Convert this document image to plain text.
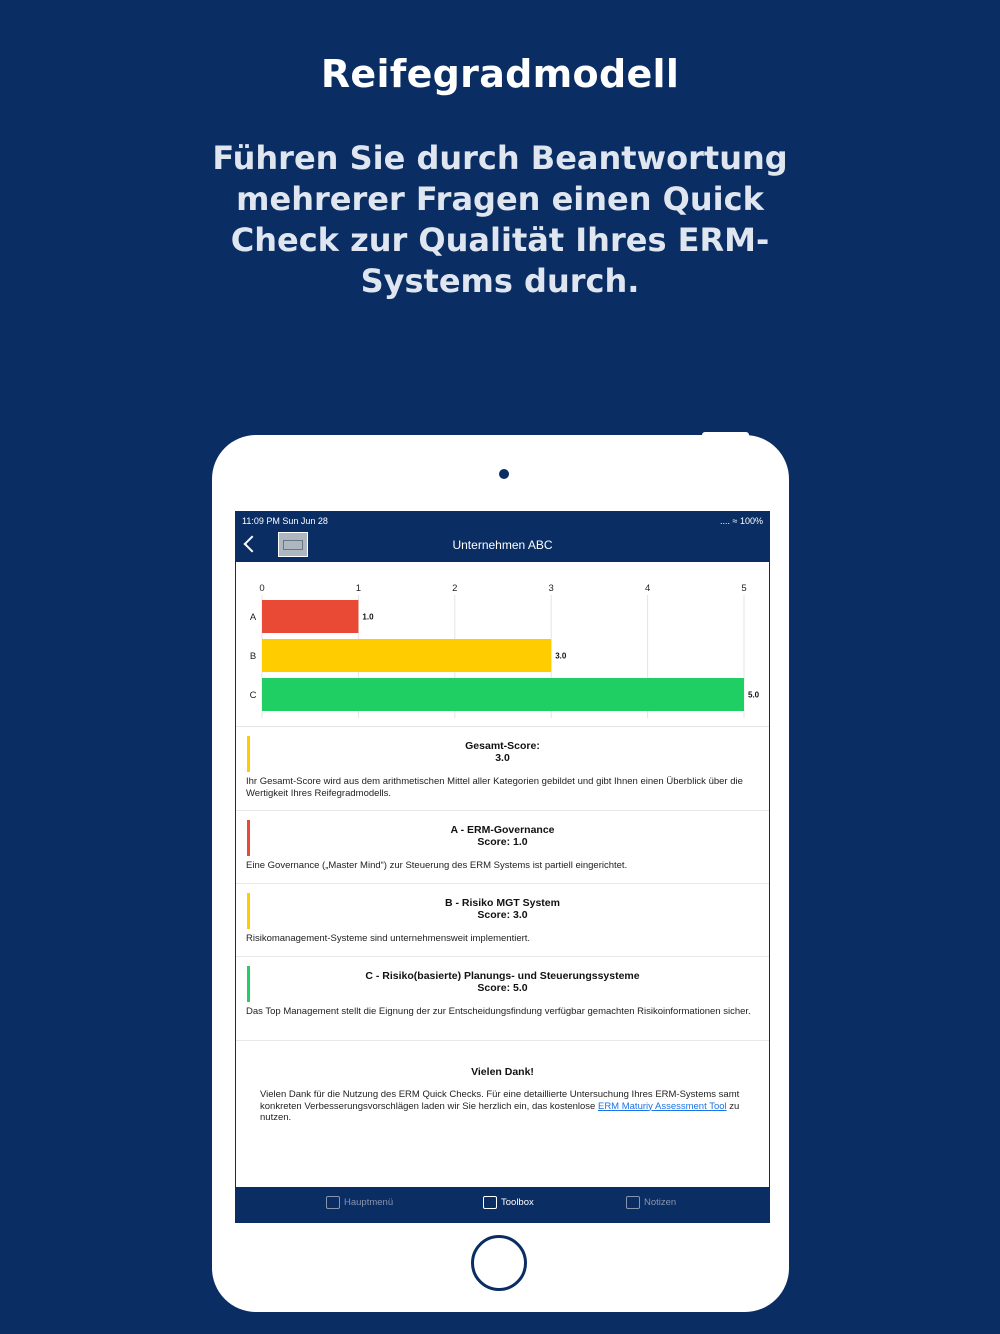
Reifegradmodell
Führen Sie durch Beantwortung mehrerer Fragen einen Quick Check zur Qualität Ihres ERM-Systems durch.
11:09 PM Sun Jun 28	.... ≈ 100%
Unternehmen ABC
0	1	2	3	4	5
A	1.0
B	3.0
C	5.0
Gesamt-Score:
3.0
Ihr Gesamt-Score wird aus dem arithmetischen Mittel aller Kategorien gebildet und gibt Ihnen einen Überblick über die Wertigkeit Ihres Reifegradmodells.
A - ERM-Governance
Score: 1.0
Eine Governance („Master Mind“) zur Steuerung des ERM Systems ist partiell eingerichtet.
B - Risiko MGT System
Score: 3.0
Risikomanagement-Systeme sind unternehmensweit implementiert.
C - Risiko(basierte) Planungs- und Steuerungssysteme
Score: 5.0
Das Top Management stellt die Eignung der zur Entscheidungsfindung verfügbar gemachten Risikoinformationen sicher.
Vielen Dank!
Vielen Dank für die Nutzung des ERM Quick Checks. Für eine detaillierte Untersuchung Ihres ERM-Systems samt konkreten Verbesserungsvorschlägen laden wir Sie herzlich ein, das kostenlose ERM Maturiy Assessment Tool zu nutzen.
Hauptmenü	Toolbox	Notizen
